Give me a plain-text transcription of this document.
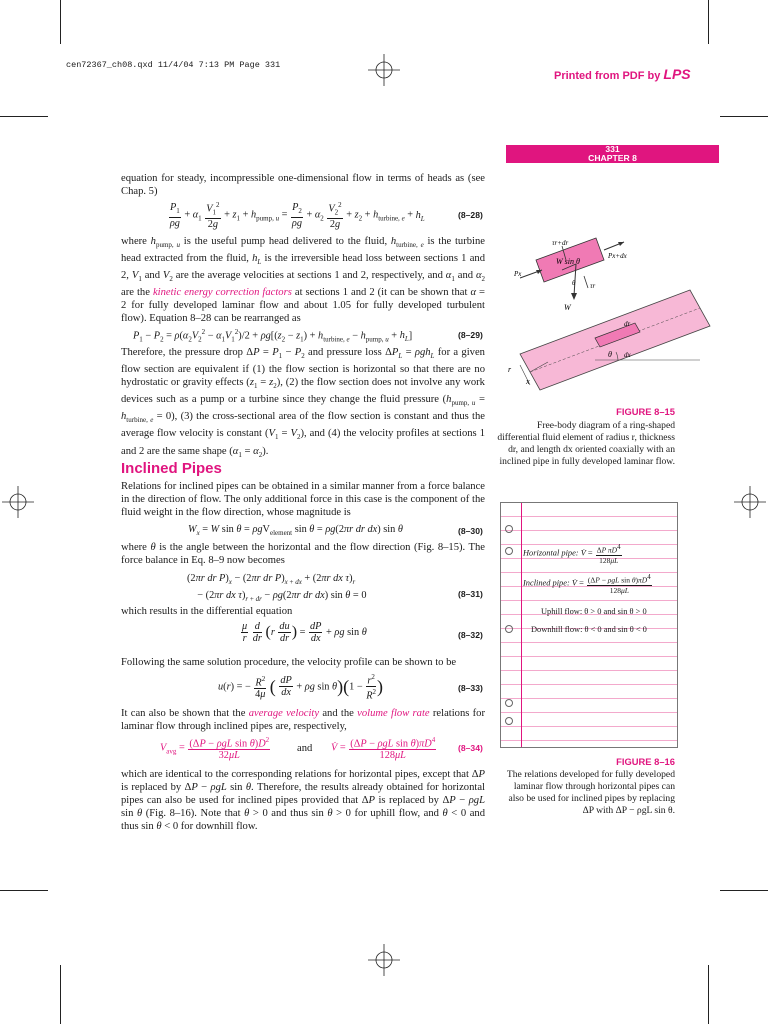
cen72367_ch08.qxd 11/4/04 7:13 PM Page 331
Printed from PDF by LPS
331
CHAPTER 8
equation for steady, incompressible one-dimensional flow in terms of heads as (see Chap. 5)
$\frac{P_1}{\rho g} + \alpha_1 \frac{V_1^2}{2g} + z_1 + h_{pump, u} = \frac{P_2}{\rho g} + \alpha_2 \frac{V_2^2}{2g} + z_2 + h_{turbine, e} + h_L$	(8–28)
where $h_{pump, u}$ is the useful pump head delivered to the fluid, $h_{turbine, e}$ is the turbine head extracted from the fluid, $h_L$ is the irreversible head loss between sections 1 and 2, $V_1$ and $V_2$ are the average velocities at sections 1 and 2, respectively, and $\alpha_1$ and $\alpha_2$ are the kinetic energy correction factors at sections 1 and 2 (it can be shown that α = 2 for fully developed laminar flow and about 1.05 for fully developed turbulent flow). Equation 8–28 can be rearranged as
$P_1 - P_2 = \rho(\alpha_2V_2^2 - \alpha_1V_1^2)/2 + \rho g[(z_2 - z_1) + h_{turbine, e} - h_{pump, u} + h_L]$	(8–29)
Therefore, the pressure drop $\Delta P = P_1 - P_2$ and pressure loss $\Delta P_L = \rho gh_L$ for a given flow section are equivalent if (1) the flow section is horizontal so that there are no hydrostatic or gravity effects $(z_1 = z_2)$, (2) the flow section does not involve any work devices such as a pump or a turbine since they change the fluid pressure $(h_{pump, u} = h_{turbine, e} = 0)$, (3) the cross-sectional area of the flow section is constant and thus the average flow velocity is constant $(V_1 = V_2)$, and (4) the velocity profiles at sections 1 and 2 are the same shape $(\alpha_1 = \alpha_2)$.
Inclined Pipes
Relations for inclined pipes can be obtained in a similar manner from a force balance in the direction of flow. The only additional force in this case is the component of the fluid weight in the flow direction, whose magnitude is
$W_x = W$ sin θ = ρgV$_{element}$ sin θ = ρg(2πr dr dx) sin θ	(8–30)
where θ is the angle between the horizontal and the flow direction (Fig. 8–15). The force balance in Eq. 8–9 now becomes
(2πr dr $P)_x - (2\pi r$ dr $P)_{x + dx} + (2\pi r$ dx $\tau)_r$
− (2πr dx $\tau)_{r + dr} - \rho g(2\pi r$ dr dx) sin θ = 0	(8–31)
which results in the differential equation
$\frac{\mu}{r}$
$\frac{d}{dr} (r \frac{du}{dr}$ ) = $\frac{dP}{dx} + \rho g$ sin θ	(8–32)
Following the same solution procedure, the velocity profile can be shown to be
u(r) = − $\frac{R^2}{4\mu}$ ( $\frac{dP}{dx} + \rho g$ $\sin \theta)(1 - \frac{r^2}{R^2}$ )	(8–33)
It can also be shown that the average velocity and the volume flow rate relations for laminar flow through inclined pipes are, respectively,
$V_{avg} = \frac{(\Delta P - \rho gL \sin \theta)D^2}{32\mu L}$	and V̇ = $\frac{(\Delta P - \rho gL \sin \theta)\pi D^4}{128\mu L}$	(8–34)
which are identical to the corresponding relations for horizontal pipes, except that ΔP is replaced by ΔP − ρgL sin θ. Therefore, the results already obtained for horizontal pipes can also be used for inclined pipes provided that ΔP is replaced by ΔP − ρgL sin θ (Fig. 8–16). Note that θ > 0 and thus sin θ > 0 for uphill flow, and θ < 0 and thus sin θ < 0 for downhill flow.
τr+dr
W sin θ
Px+dx
Px
τr
W
θ
dr
θ dx
r
x
FIGURE 8–15
Free-body diagram of a ring-shaped differential fluid element of radius r, thickness dr, and length dx oriented coaxially with an inclined pipe in fully developed laminar flow.
Horizontal pipe: V̇ = $\frac{\Delta P \pi D^4}{128\mu L}$
Inclined pipe: V̇ = $\frac{(\Delta P - \rho gL \sin \theta)\pi D^4}{128\mu L}$
Uphill flow: θ > 0 and sin θ > 0
Downhill flow: θ < 0 and sin θ < 0
FIGURE 8–16
The relations developed for fully developed laminar flow through horizontal pipes can also be used for inclined pipes by replacing ΔP with ΔP − ρgL sin θ.
